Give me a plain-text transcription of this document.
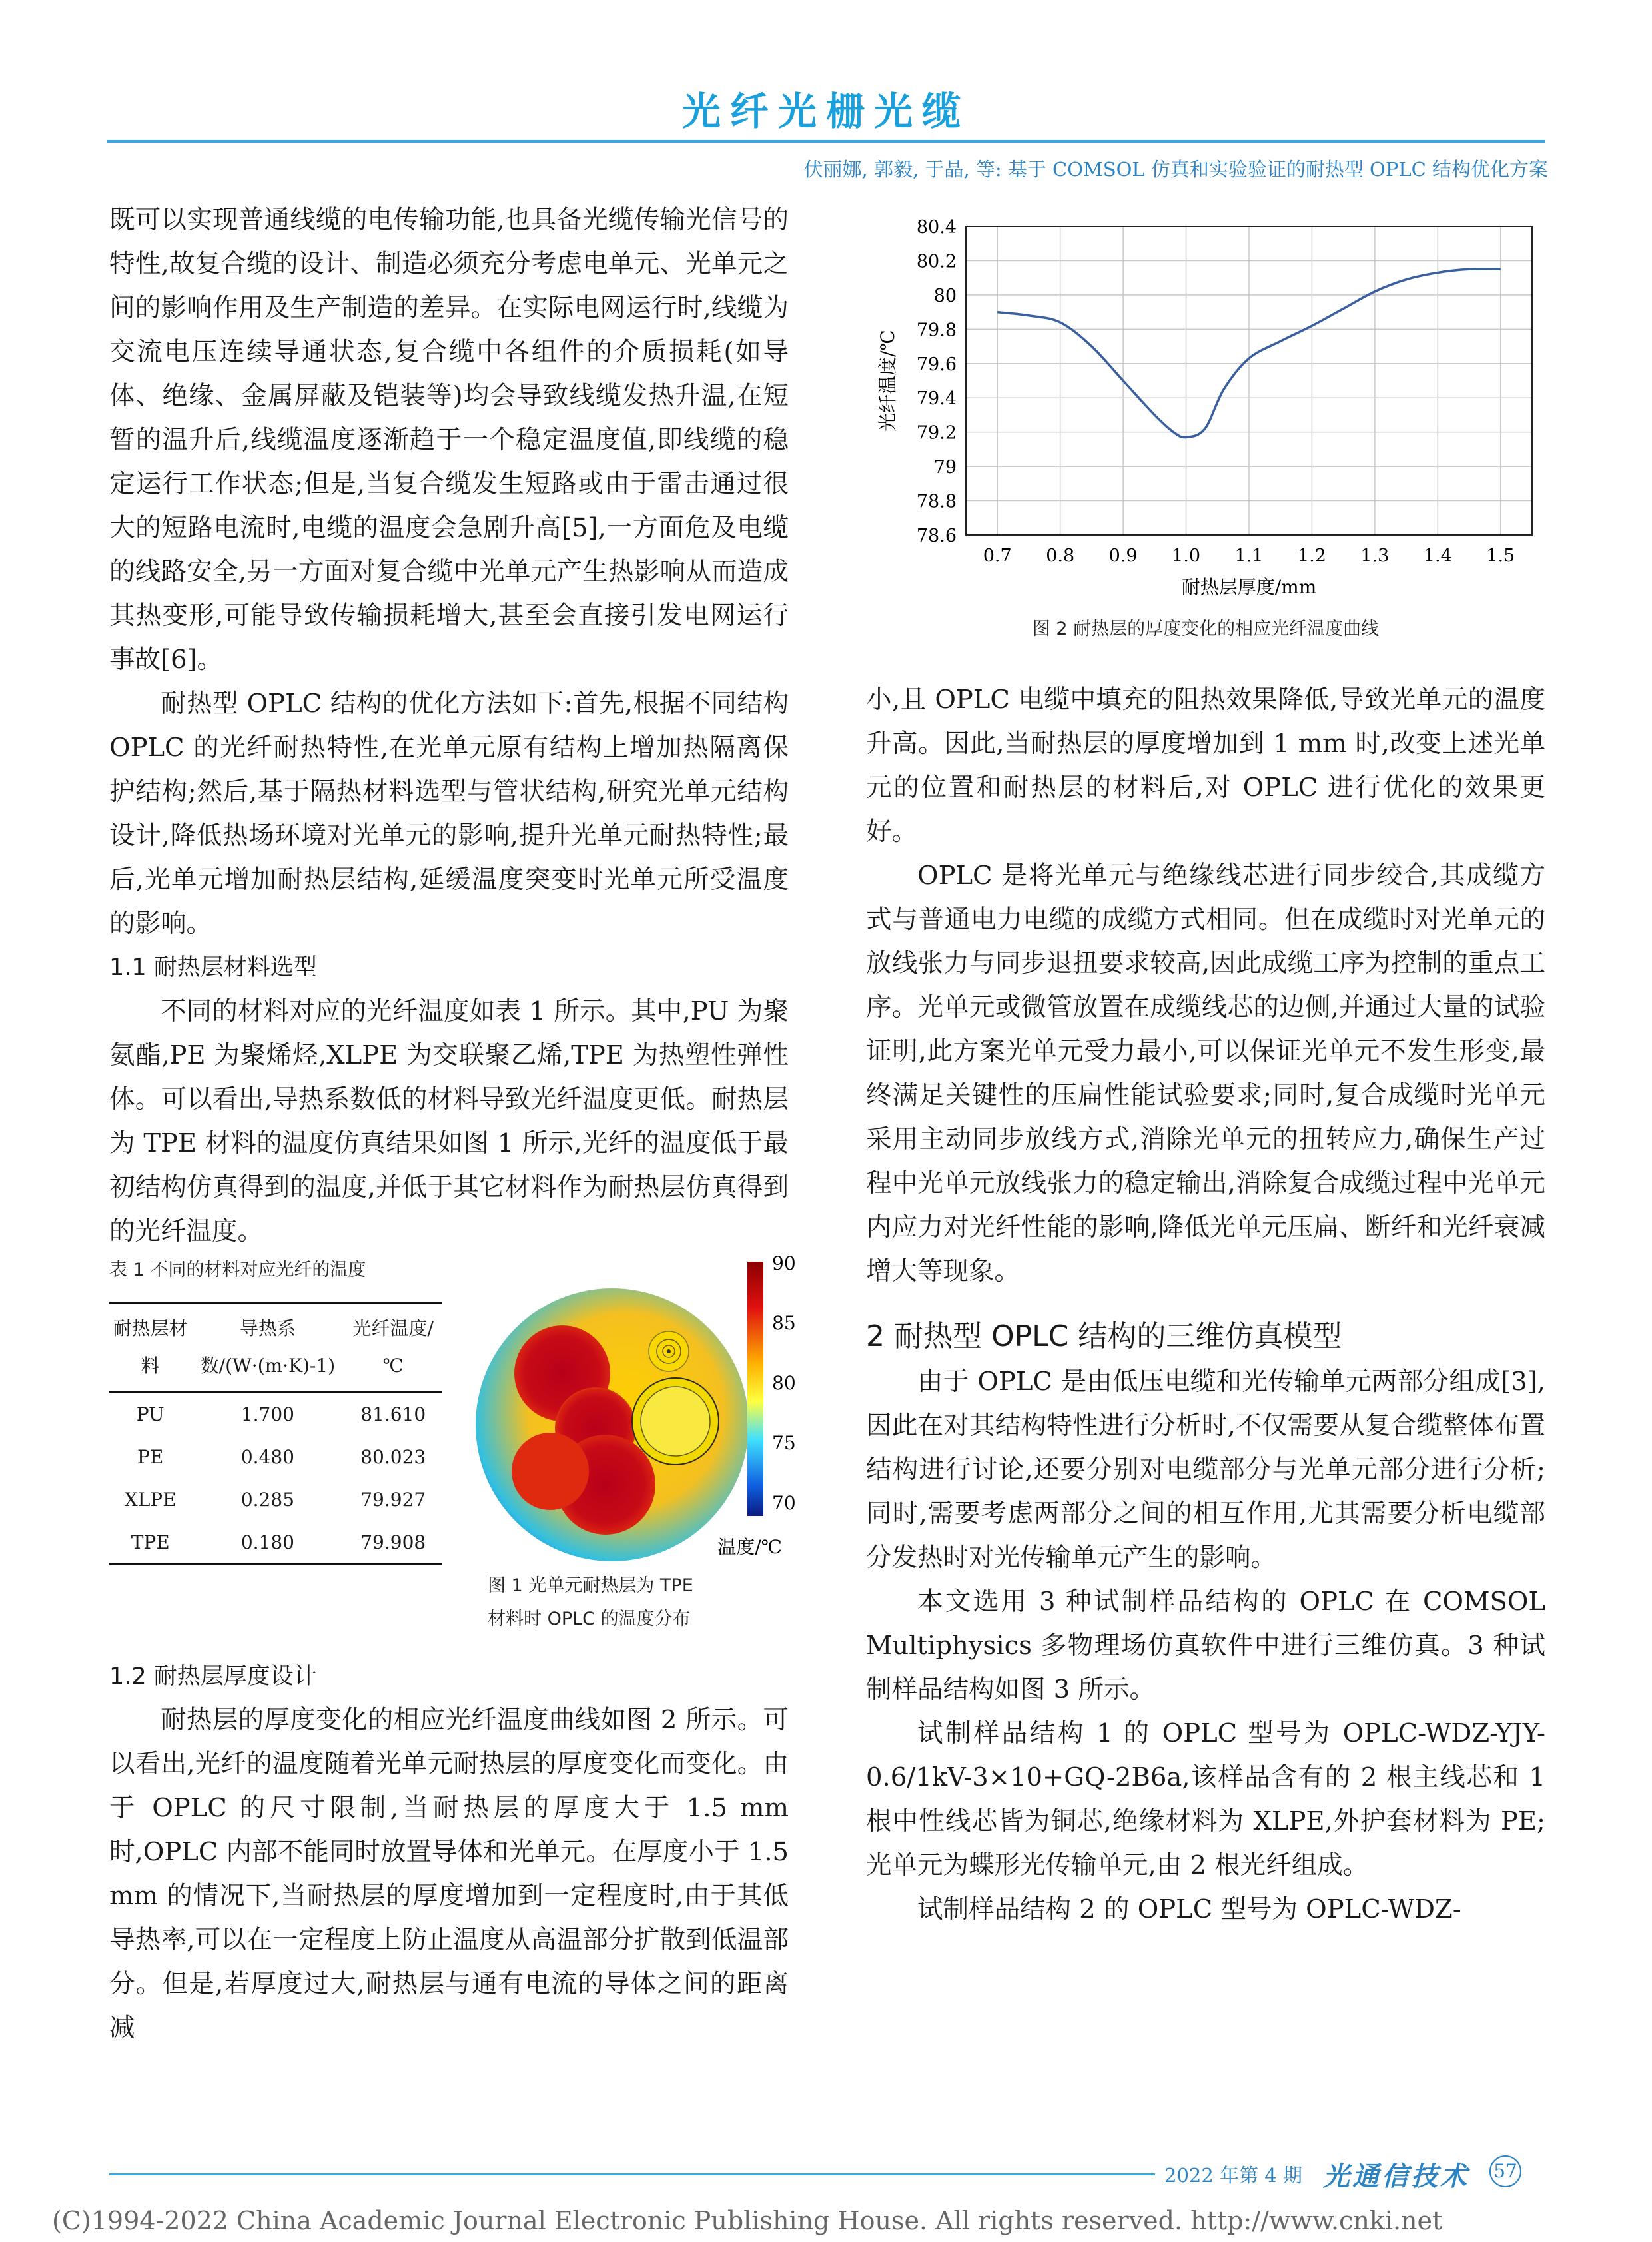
光纤光栅光缆
伏丽娜, 郭毅, 于晶, 等: 基于 COMSOL 仿真和实验验证的耐热型 OPLC 结构优化方案

既可以实现普通线缆的电传输功能,也具备光缆传输光信号的特性,故复合缆的设计、制造必须充分考虑电单元、光单元之间的影响作用及生产制造的差异。在实际电网运行时,线缆为交流电压连续导通状态,复合缆中各组件的介质损耗(如导体、绝缘、金属屏蔽及铠装等)均会导致线缆发热升温,在短暂的温升后,线缆温度逐渐趋于一个稳定温度值,即线缆的稳定运行工作状态;但是,当复合缆发生短路或由于雷击通过很大的短路电流时,电缆的温度会急剧升高[5],一方面危及电缆的线路安全,另一方面对复合缆中光单元产生热影响从而造成其热变形,可能导致传输损耗增大,甚至会直接引发电网运行事故[6]。

耐热型 OPLC 结构的优化方法如下:首先,根据不同结构 OPLC 的光纤耐热特性,在光单元原有结构上增加热隔离保护结构;然后,基于隔热材料选型与管状结构,研究光单元结构设计,降低热场环境对光单元的影响,提升光单元耐热特性;最后,光单元增加耐热层结构,延缓温度突变时光单元所受温度的影响。

1.1 耐热层材料选型

不同的材料对应的光纤温度如表 1 所示。其中,PU 为聚氨酯,PE 为聚烯烃,XLPE 为交联聚乙烯,TPE 为热塑性弹性体。可以看出,导热系数低的材料导致光纤温度更低。耐热层为 TPE 材料的温度仿真结果如图 1 所示,光纤的温度低于最初结构仿真得到的温度,并低于其它材料作为耐热层仿真得到的光纤温度。

表 1 不同的材料对应光纤的温度
耐热层材料	导热系数/(W·(m·K)-1)	光纤温度/℃
PU	1.700	81.610
PE	0.480	80.023
XLPE	0.285	79.927
TPE	0.180	79.908
90
85
80
75
70
温度/℃
图 1 光单元耐热层为 TPE
材料时 OPLC 的温度分布
1.2 耐热层厚度设计

耐热层的厚度变化的相应光纤温度曲线如图 2 所示。可以看出,光纤的温度随着光单元耐热层的厚度变化而变化。由于 OPLC 的尺寸限制,当耐热层的厚度大于 1.5 mm 时,OPLC 内部不能同时放置导体和光单元。在厚度小于 1.5 mm 的情况下,当耐热层的厚度增加到一定程度时,由于其低导热率,可以在一定程度上防止温度从高温部分扩散到低温部分。但是,若厚度过大,耐热层与通有电流的导体之间的距离减

80.4
80.2
80
79.8
79.6
79.4
79.2
79
78.8
78.6
0.7 0.8 0.9 1.0 1.1 1.2 1.3 1.4 1.5
耐热层厚度/mm
光纤温度/℃
图 2 耐热层的厚度变化的相应光纤温度曲线

小,且 OPLC 电缆中填充的阻热效果降低,导致光单元的温度升高。因此,当耐热层的厚度增加到 1 mm 时,改变上述光单元的位置和耐热层的材料后,对 OPLC 进行优化的效果更好。

OPLC 是将光单元与绝缘线芯进行同步绞合,其成缆方式与普通电力电缆的成缆方式相同。但在成缆时对光单元的放线张力与同步退扭要求较高,因此成缆工序为控制的重点工序。光单元或微管放置在成缆线芯的边侧,并通过大量的试验证明,此方案光单元受力最小,可以保证光单元不发生形变,最终满足关键性的压扁性能试验要求;同时,复合成缆时光单元采用主动同步放线方式,消除光单元的扭转应力,确保生产过程中光单元放线张力的稳定输出,消除复合成缆过程中光单元内应力对光纤性能的影响,降低光单元压扁、断纤和光纤衰减增大等现象。

2 耐热型 OPLC 结构的三维仿真模型

由于 OPLC 是由低压电缆和光传输单元两部分组成[3],因此在对其结构特性进行分析时,不仅需要从复合缆整体布置结构进行讨论,还要分别对电缆部分与光单元部分进行分析;同时,需要考虑两部分之间的相互作用,尤其需要分析电缆部分发热时对光传输单元产生的影响。

本文选用 3 种试制样品结构的 OPLC 在 COMSOL Multiphysics 多物理场仿真软件中进行三维仿真。3 种试制样品结构如图 3 所示。

试制样品结构 1 的 OPLC 型号为 OPLC-WDZ-YJY-0.6/1kV-3×10+GQ-2B6a,该样品含有的 2 根主线芯和 1 根中性线芯皆为铜芯,绝缘材料为 XLPE,外护套材料为 PE;光单元为蝶形光传输单元,由 2 根光纤组成。

试制样品结构 2 的 OPLC 型号为 OPLC-WDZ-

2022 年第 4 期 光通信技术 57
(C)1994-2022 China Academic Journal Electronic Publishing House. All rights reserved. http://www.cnki.net
